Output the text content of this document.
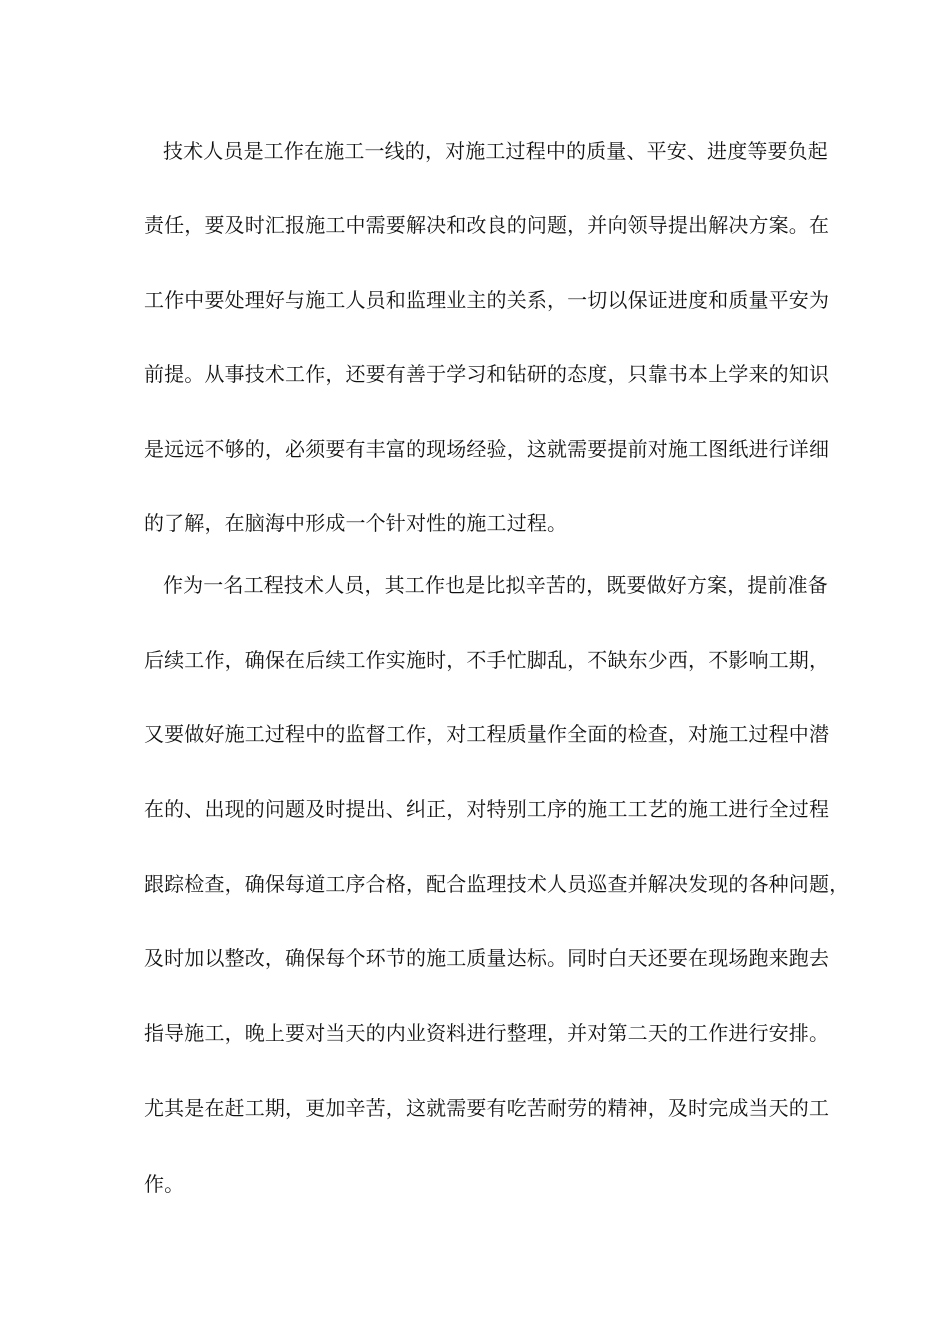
技术人员是工作在施工一线的，对施工过程中的质量、平安、进度等要负起
责任，要及时汇报施工中需要解决和改良的问题，并向领导提出解决方案。在
工作中要处理好与施工人员和监理业主的关系，一切以保证进度和质量平安为
前提。从事技术工作，还要有善于学习和钻研的态度，只靠书本上学来的知识
是远远不够的，必须要有丰富的现场经验，这就需要提前对施工图纸进行详细
的了解，在脑海中形成一个针对性的施工过程。
作为一名工程技术人员，其工作也是比拟辛苦的，既要做好方案，提前准备
后续工作，确保在后续工作实施时，不手忙脚乱，不缺东少西，不影响工期，
又要做好施工过程中的监督工作，对工程质量作全面的检查，对施工过程中潜
在的、出现的问题及时提出、纠正，对特别工序的施工工艺的施工进行全过程
跟踪检查，确保每道工序合格，配合监理技术人员巡查并解决发现的各种问题，
及时加以整改，确保每个环节的施工质量达标。同时白天还要在现场跑来跑去
指导施工，晚上要对当天的内业资料进行整理，并对第二天的工作进行安排。
尤其是在赶工期，更加辛苦，这就需要有吃苦耐劳的精神，及时完成当天的工
作。
